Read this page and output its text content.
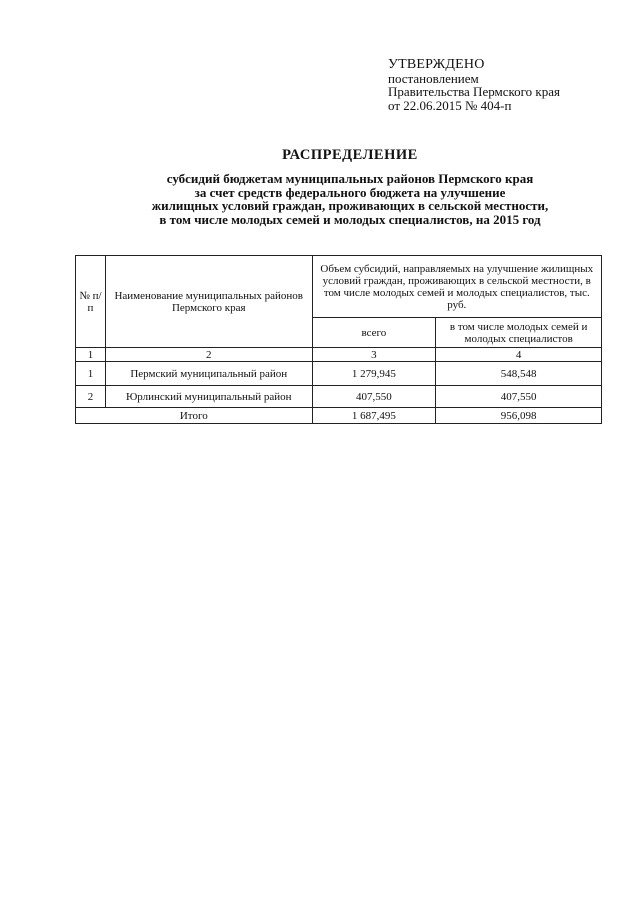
УТВЕРЖДЕНО
постановлением
Правительства Пермского края
от 22.06.2015 № 404-п
РАСПРЕДЕЛЕНИЕ
субсидий бюджетам муниципальных районов Пермского края
за счет средств федерального бюджета на улучшение
жилищных условий граждан, проживающих в сельской местности,
в том числе молодых семей и молодых специалистов, на 2015 год
№ п/п	Наименование муниципальных районов Пермского края	Объем субсидий, направляемых на улучшение жилищных условий граждан, проживающих в сельской местности, в том числе молодых семей и молодых специалистов, тыс. руб.	
		всего	в том числе молодых семей и молодых специалистов
1	2	3	4
1	Пермский муниципальный район	1 279,945	548,548
2	Юрлинский муниципальный район	407,550	407,550
Итого		1 687,495	956,098
